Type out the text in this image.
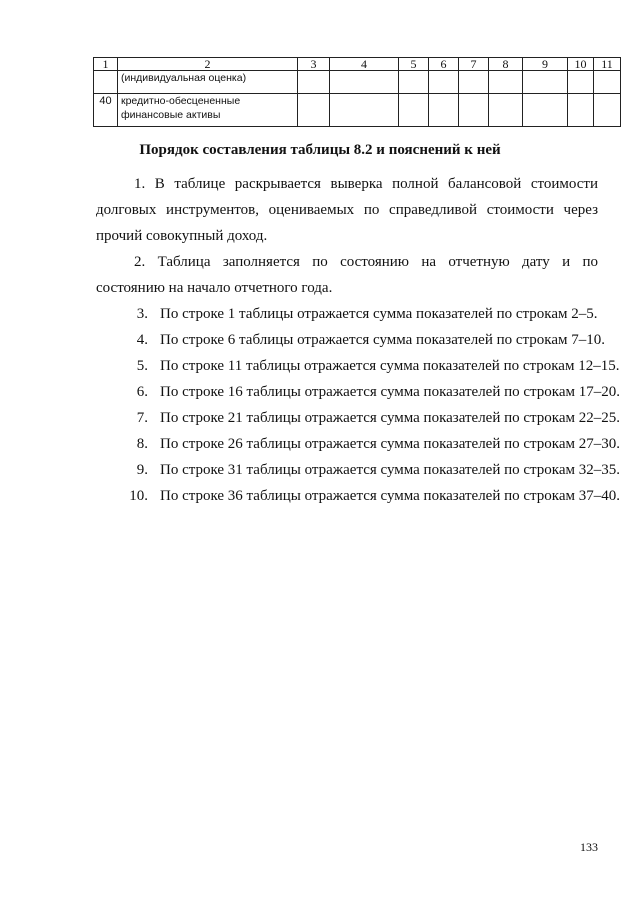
1	2	3	4	5	6	7	8	9	10	11
	(индивидуальная оценка)									
40	кредитно-обесцененные
финансовые активы									
Порядок составления таблицы 8.2 и пояснений к ней

1. В таблице раскрывается выверка полной балансовой стоимости
долговых инструментов, оцениваемых по справедливой стоимости через
прочий совокупный доход.

2. Таблица заполняется по состоянию на отчетную дату и по
состоянию на начало отчетного года.

3. По строке 1 таблицы отражается сумма показателей по строкам 2–5.
4. По строке 6 таблицы отражается сумма показателей по строкам 7–10.
5. По строке 11 таблицы отражается сумма показателей по строкам 12–15.
6. По строке 16 таблицы отражается сумма показателей по строкам 17–20.
7. По строке 21 таблицы отражается сумма показателей по строкам 22–25.
8. По строке 26 таблицы отражается сумма показателей по строкам 27–30.
9. По строке 31 таблицы отражается сумма показателей по строкам 32–35.
10. По строке 36 таблицы отражается сумма показателей по строкам 37–40.
133
